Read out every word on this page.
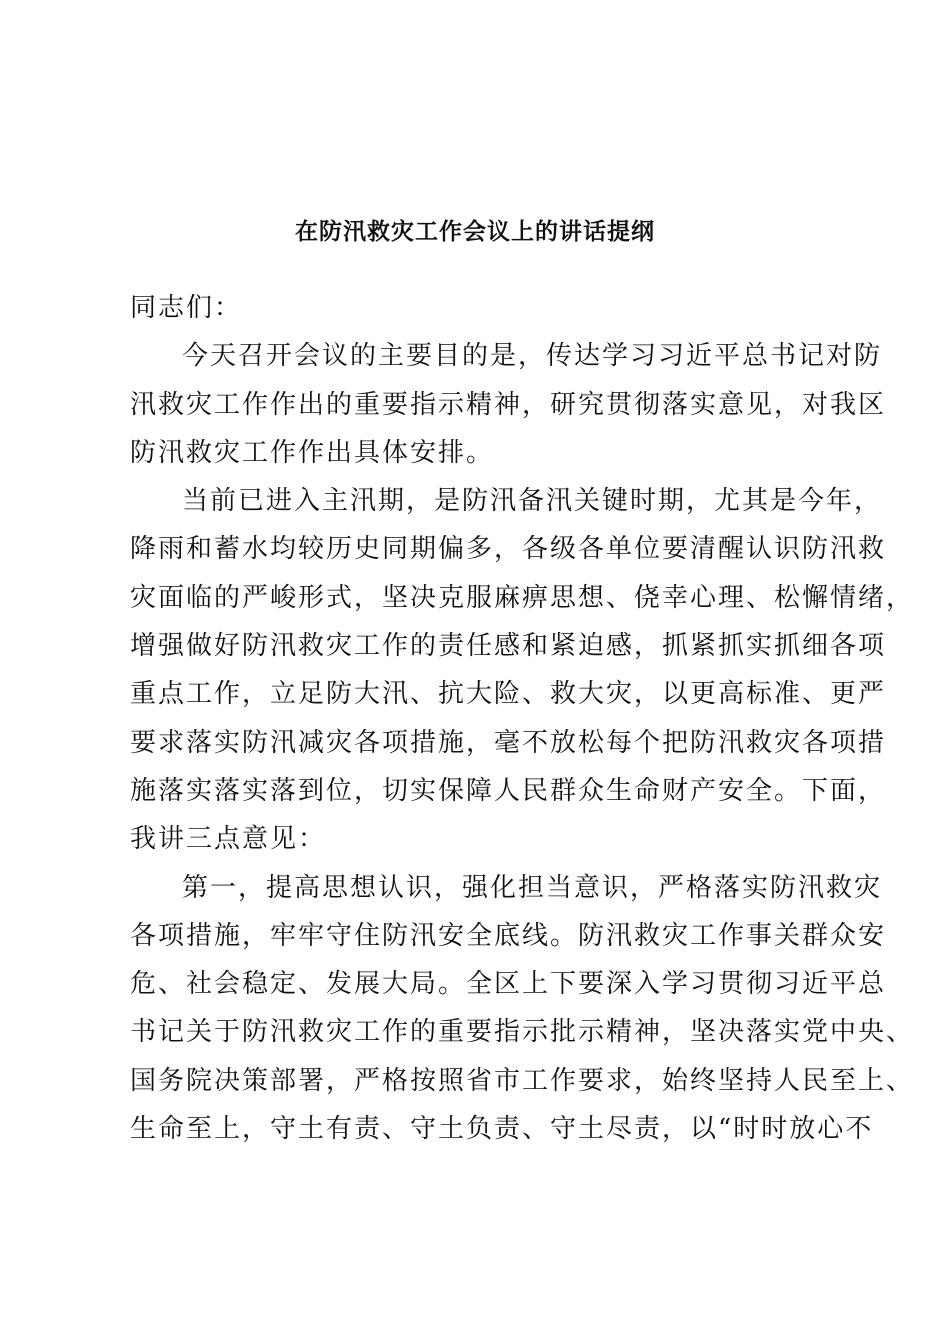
在防汛救灾工作会议上的讲话提纲
同志们：
今天召开会议的主要目的是，传达学习习近平总书记对防
汛救灾工作作出的重要指示精神，研究贯彻落实意见，对我区
防汛救灾工作作出具体安排。
当前已进入主汛期，是防汛备汛关键时期，尤其是今年，
降雨和蓄水均较历史同期偏多，各级各单位要清醒认识防汛救
灾面临的严峻形式，坚决克服麻痹思想、侥幸心理、松懈情绪，
增强做好防汛救灾工作的责任感和紧迫感，抓紧抓实抓细各项
重点工作，立足防大汛、抗大险、救大灾，以更高标准、更严
要求落实防汛减灾各项措施，毫不放松每个把防汛救灾各项措
施落实落实落到位，切实保障人民群众生命财产安全。下面，
我讲三点意见：
第一，提高思想认识，强化担当意识，严格落实防汛救灾
各项措施，牢牢守住防汛安全底线。防汛救灾工作事关群众安
危、社会稳定、发展大局。全区上下要深入学习贯彻习近平总
书记关于防汛救灾工作的重要指示批示精神，坚决落实党中央、
国务院决策部署，严格按照省市工作要求，始终坚持人民至上、
生命至上，守土有责、守土负责、守土尽责，以“时时放心不
